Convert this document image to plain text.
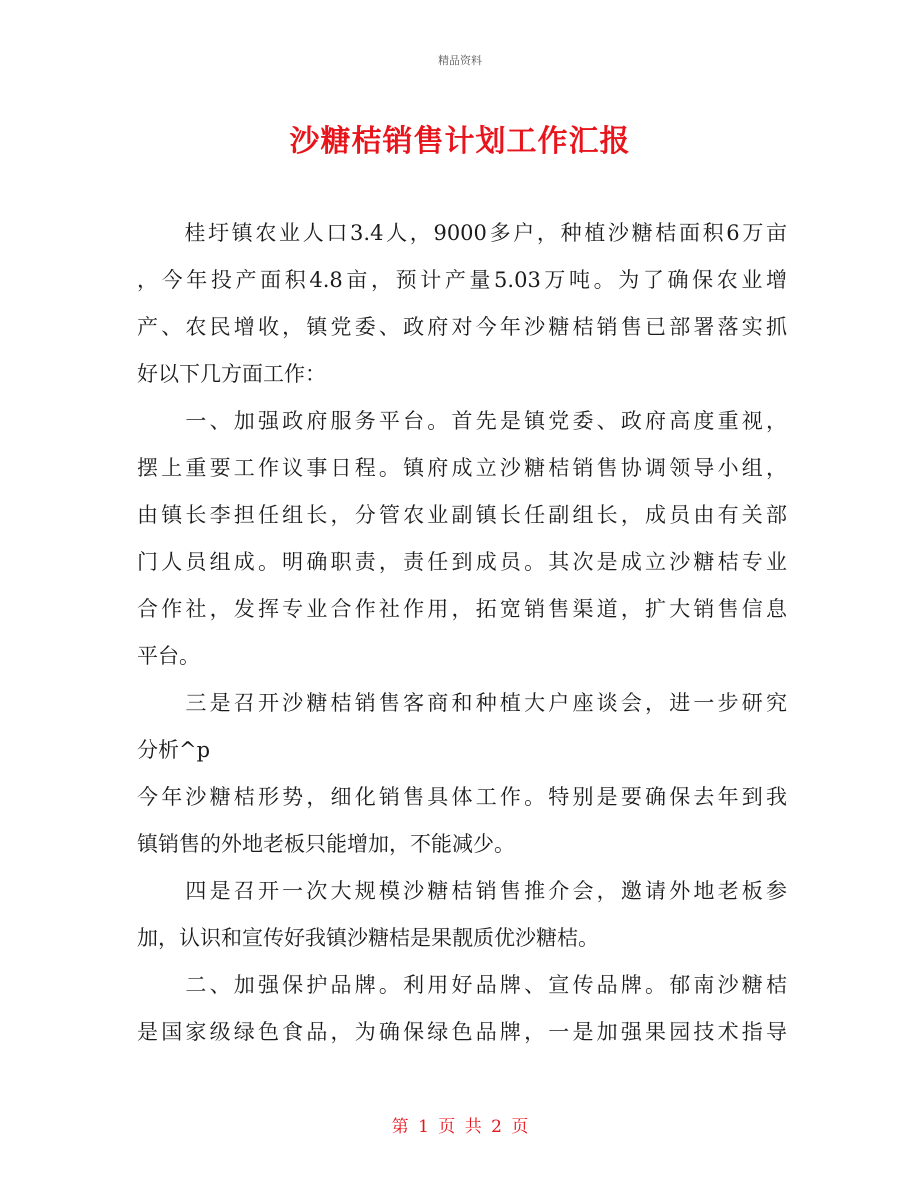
精品资料
沙糖桔销售计划工作汇报
　　桂圩镇农业人口3.4人，9000多户，种植沙糖桔面积6万亩
，今年投产面积4.8亩，预计产量5.03万吨。为了确保农业增
产、农民增收，镇党委、政府对今年沙糖桔销售已部署落实抓
好以下几方面工作：
　　一、加强政府服务平台。首先是镇党委、政府高度重视，
摆上重要工作议事日程。镇府成立沙糖桔销售协调领导小组，
由镇长李担任组长，分管农业副镇长任副组长，成员由有关部
门人员组成。明确职责，责任到成员。其次是成立沙糖桔专业
合作社，发挥专业合作社作用，拓宽销售渠道，扩大销售信息
平台。
　　三是召开沙糖桔销售客商和种植大户座谈会，进一步研究
分析^p
今年沙糖桔形势，细化销售具体工作。特别是要确保去年到我
镇销售的外地老板只能增加，不能减少。
　　四是召开一次大规模沙糖桔销售推介会，邀请外地老板参
加，认识和宣传好我镇沙糖桔是果靓质优沙糖桔。
　　二、加强保护品牌。利用好品牌、宣传品牌。郁南沙糖桔
是国家级绿色食品，为确保绿色品牌，一是加强果园技术指导
第 1 页 共 2 页
